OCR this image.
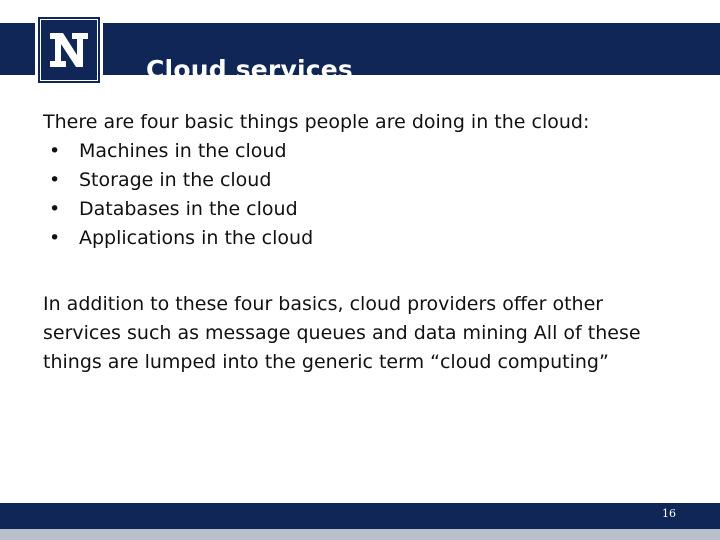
Cloud services

There are four basic things people are doing in the cloud:

• Machines in the cloud
• Storage in the cloud
• Databases in the cloud
• Applications in the cloud

In addition to these four basics, cloud providers offer other services such as message queues and data mining All of these things are lumped into the generic term “cloud computing”

16
